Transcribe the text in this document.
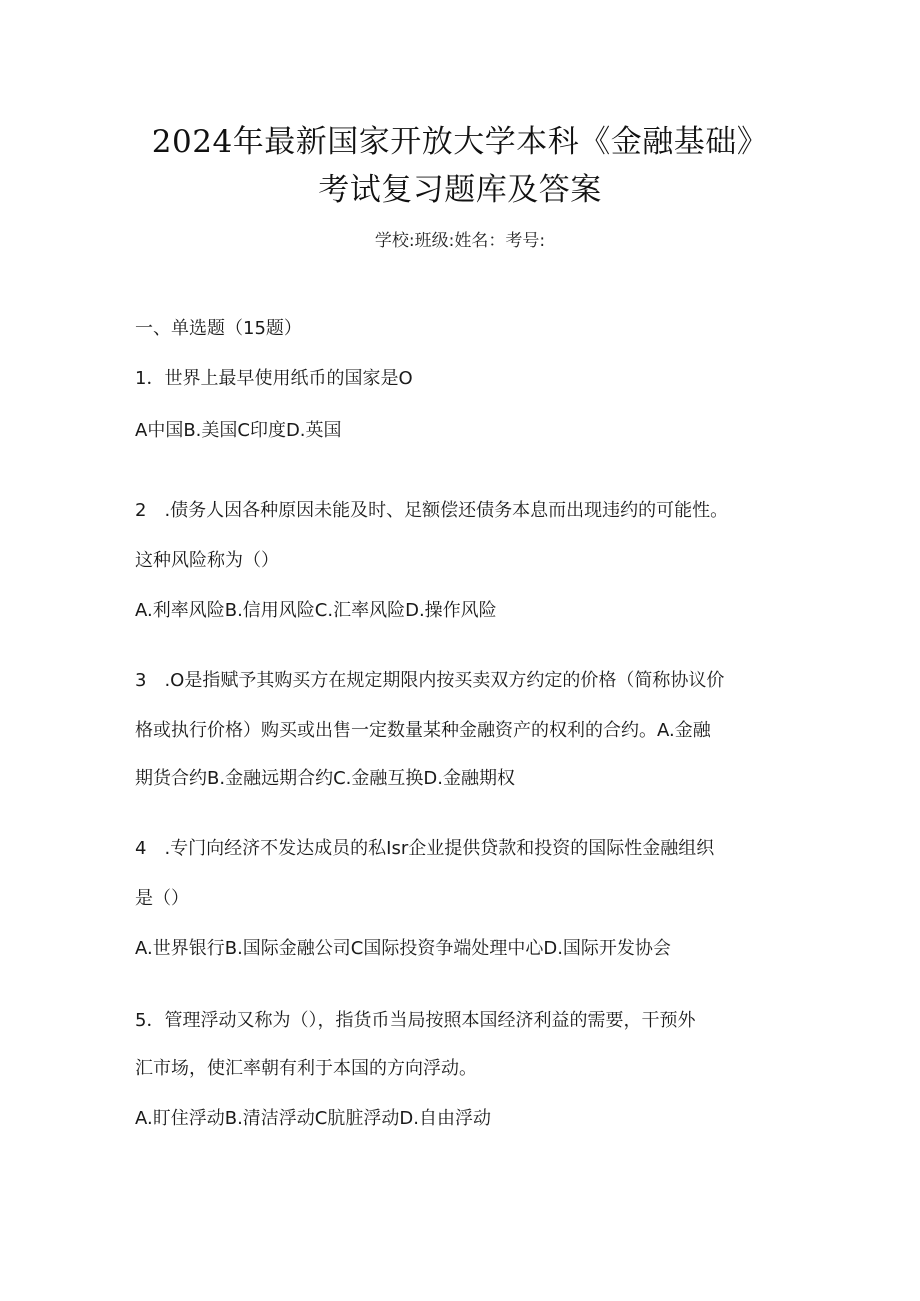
2024年最新国家开放大学本科《金融基础》
考试复习题库及答案
学校:班级:姓名：考号:
一、单选题（15题）
1．世界上最早使用纸币的国家是O
A中国B.美国C印度D.英国
2　.债务人因各种原因未能及时、足额偿还债务本息而出现违约的可能性。
这种风险称为（）
A.利率风险B.信用风险C.汇率风险D.操作风险
3　.O是指赋予其购买方在规定期限内按买卖双方约定的价格（简称协议价
格或执行价格）购买或出售一定数量某种金融资产的权利的合约。A.金融
期货合约B.金融远期合约C.金融互换D.金融期权
4　.专门向经济不发达成员的私Isr企业提供贷款和投资的国际性金融组织
是（）
A.世界银行B.国际金融公司C国际投资争端处理中心D.国际开发协会
5．管理浮动又称为（），指货币当局按照本国经济利益的需要，干预外
汇市场，使汇率朝有利于本国的方向浮动。
A.盯住浮动B.清洁浮动C肮脏浮动D.自由浮动
